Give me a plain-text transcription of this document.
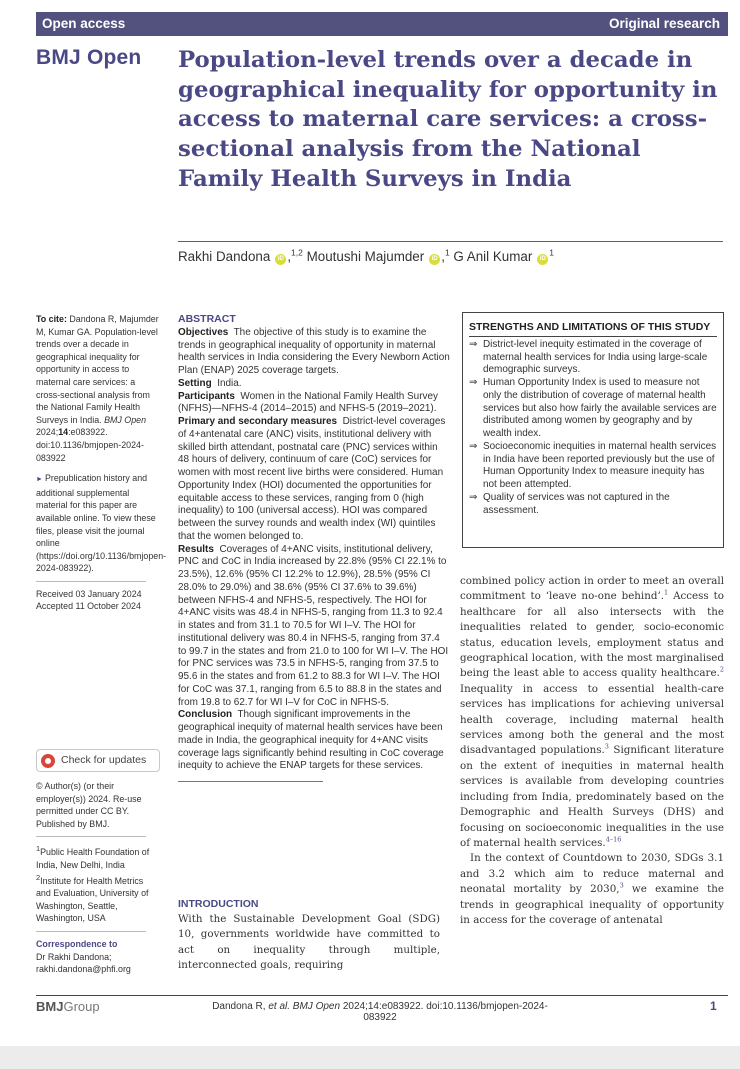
Open access	Original research
BMJ Open Population-level trends over a decade in geographical inequality for opportunity in access to maternal care services: a cross-sectional analysis from the National Family Health Surveys in India
Rakhi Dandona iD ,$^{1,2}$ Moutushi Majumder iD ,$^1$ G Anil Kumar $iD^1$
To cite: Dandona R, Majumder M, Kumar GA. Population-level trends over a decade in geographical inequality for opportunity in access to maternal care services: a cross-sectional analysis from the National Family Health Surveys in India. BMJ Open 2024;14:e083922. doi:10.1136/bmjopen-2024-083922
► Prepublication history and additional supplemental material for this paper are available online. To view these files, please visit the journal online (https://doi.org/10.1136/bmjopen-2024-083922).
Received 03 January 2024
Accepted 11 October 2024
Check for updates
© Author(s) (or their employer(s)) 2024. Re-use permitted under CC BY. Published by BMJ.
$^1$Public Health Foundation of India, New Delhi, India
$^2$Institute for Health Metrics and Evaluation, University of Washington, Seattle, Washington, USA
Correspondence to
Dr Rakhi Dandona;
rakhi.dandona@phfi.org
ABSTRACT
Objectives The objective of this study is to examine the trends in geographical inequality of opportunity in maternal health services in India considering the Every Newborn Action Plan (ENAP) 2025 coverage targets.
Setting India.
Participants Women in the National Family Health Survey (NFHS)—NFHS-4 (2014–2015) and NFHS-5 (2019–2021).
Primary and secondary measures District-level coverages of 4+antenatal care (ANC) visits, institutional delivery with skilled birth attendant, postnatal care (PNC) services within 48 hours of delivery, continuum of care (CoC) services for women with most recent live births were considered. Human Opportunity Index (HOI) documented the opportunities for equitable access to these services, ranging from 0 (high inequality) to 100 (universal access). HOI was compared between the survey rounds and wealth index (WI) quintiles that the women belonged to.
Results Coverages of 4+ANC visits, institutional delivery, PNC and CoC in India increased by 22.8% (95% CI 22.1% to 23.5%), 12.6% (95% CI 12.2% to 12.9%), 28.5% (95% CI 28.0% to 29.0%) and 38.6% (95% CI 37.6% to 39.6%) between NFHS-4 and NFHS-5, respectively. The HOI for 4+ANC visits was 48.4 in NFHS-5, ranging from 11.3 to 92.4 in states and from 31.1 to 70.5 for WI I–V. The HOI for institutional delivery was 80.4 in NFHS-5, ranging from 37.4 to 99.7 in the states and from 21.0 to 100 for WI I–V. The HOI for PNC services was 73.5 in NFHS-5, ranging from 37.5 to 95.6 in the states and from 61.2 to 88.3 for WI I–V. The HOI for CoC was 37.1, ranging from 6.5 to 88.8 in the states and from 19.8 to 62.7 for WI I–V for CoC in NFHS-5.
Conclusion Though significant improvements in the geographical inequity of maternal health services have been made in India, the geographical inequity for 4+ANC visits coverage lags significantly behind resulting in CoC coverage inequity to achieve the ENAP targets for these services.
INTRODUCTION
With the Sustainable Development Goal (SDG) 10, governments worldwide have committed to act on inequality through multiple, interconnected goals, requiring
STRENGTHS AND LIMITATIONS OF THIS STUDY
⇒ District-level inequity estimated in the coverage of maternal health services for India using large-scale demographic surveys.
⇒ Human Opportunity Index is used to measure not only the distribution of coverage of maternal health services but also how fairly the available services are distributed among women by geography and by wealth index.
⇒ Socioeconomic inequities in maternal health services in India have been reported previously but the use of Human Opportunity Index to measure inequity has not been attempted.
⇒ Quality of services was not captured in the assessment.

combined policy action in order to meet an overall commitment to ‘leave no-one behind’.$^1$ Access to healthcare for all also intersects with the inequalities related to gender, socio-economic status, education levels, employment status and geographical location, with the most marginalised being the least able to access quality healthcare.$^2$ Inequality in access to essential health-care services has implications for achieving universal health coverage, including maternal health services among both the general and the most disadvantaged populations.$^3$ Significant literature on the extent of inequities in maternal health services is available from developing countries including from India, predominately based on the Demographic and Health Surveys (DHS) and focusing on socioeconomic inequalities in the use of maternal health services.$^{4-16}$

In the context of Countdown to 2030, SDGs 3.1 and 3.2 which aim to reduce maternal and neonatal mortality by 2030,$^3$ we examine the trends in geographical inequality of opportunity in access for the coverage of antenatal

BMJGroup	Dandona R, et al. BMJ Open 2024;14:e083922. doi:10.1136/bmjopen-2024-083922
1
